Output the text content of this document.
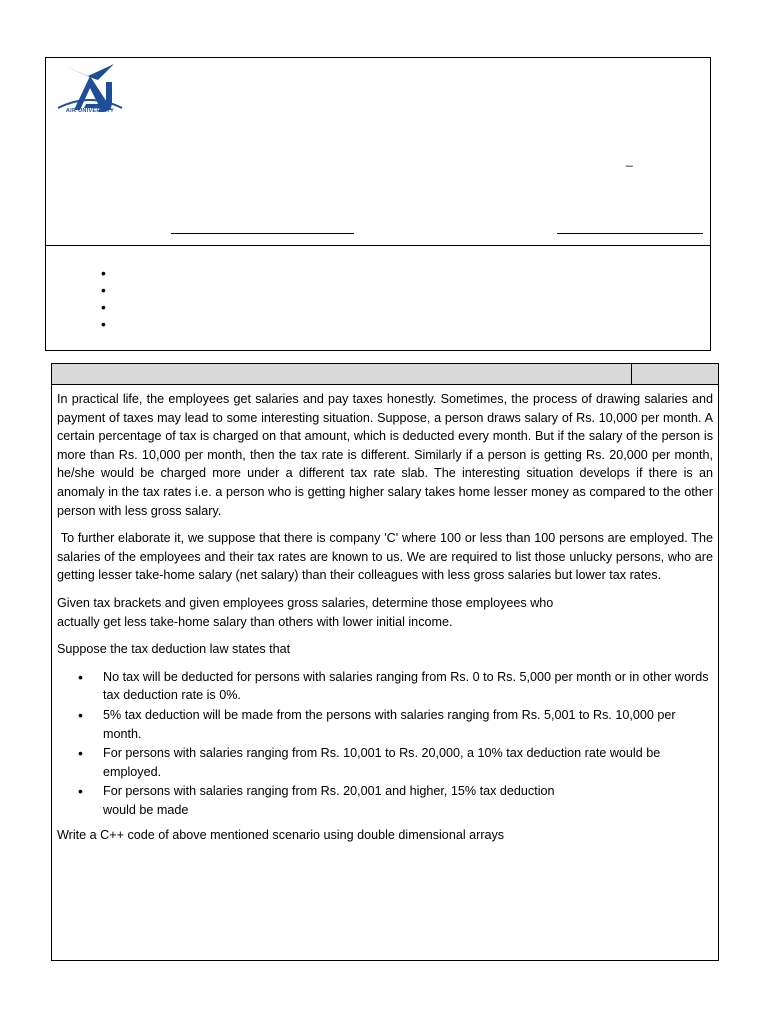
AIR UNIVERSITY
_

In practical life, the employees get salaries and pay taxes honestly. Sometimes, the process of drawing salaries and payment of taxes may lead to some interesting situation. Suppose, a person draws salary of Rs. 10,000 per month. A certain percentage of tax is charged on that amount, which is deducted every month. But if the salary of the person is more than Rs. 10,000 per month, then the tax rate is different. Similarly if a person is getting Rs. 20,000 per month, he/she would be charged more under a different tax rate slab. The interesting situation develops if there is an anomaly in the tax rates i.e. a person who is getting higher salary takes home lesser money as compared to the other person with less gross salary.

To further elaborate it, we suppose that there is company 'C' where 100 or less than 100 persons are employed. The salaries of the employees and their tax rates are known to us. We are required to list those unlucky persons, who are getting lesser take-home salary (net salary) than their colleagues with less gross salaries but lower tax rates.

Given tax brackets and given employees gross salaries, determine those employees who
actually get less take-home salary than others with lower initial income.

Suppose the tax deduction law states that

• No tax will be deducted for persons with salaries ranging from Rs. 0 to Rs. 5,000 per month or in other words tax deduction rate is 0%.
• 5% tax deduction will be made from the persons with salaries ranging from Rs. 5,001 to Rs. 10,000 per month.
• For persons with salaries ranging from Rs. 10,001 to Rs. 20,000, a 10% tax deduction rate would be employed.
• For persons with salaries ranging from Rs. 20,001 and higher, 15% tax deduction
would be made

Write a C++ code of above mentioned scenario using double dimensional arrays
